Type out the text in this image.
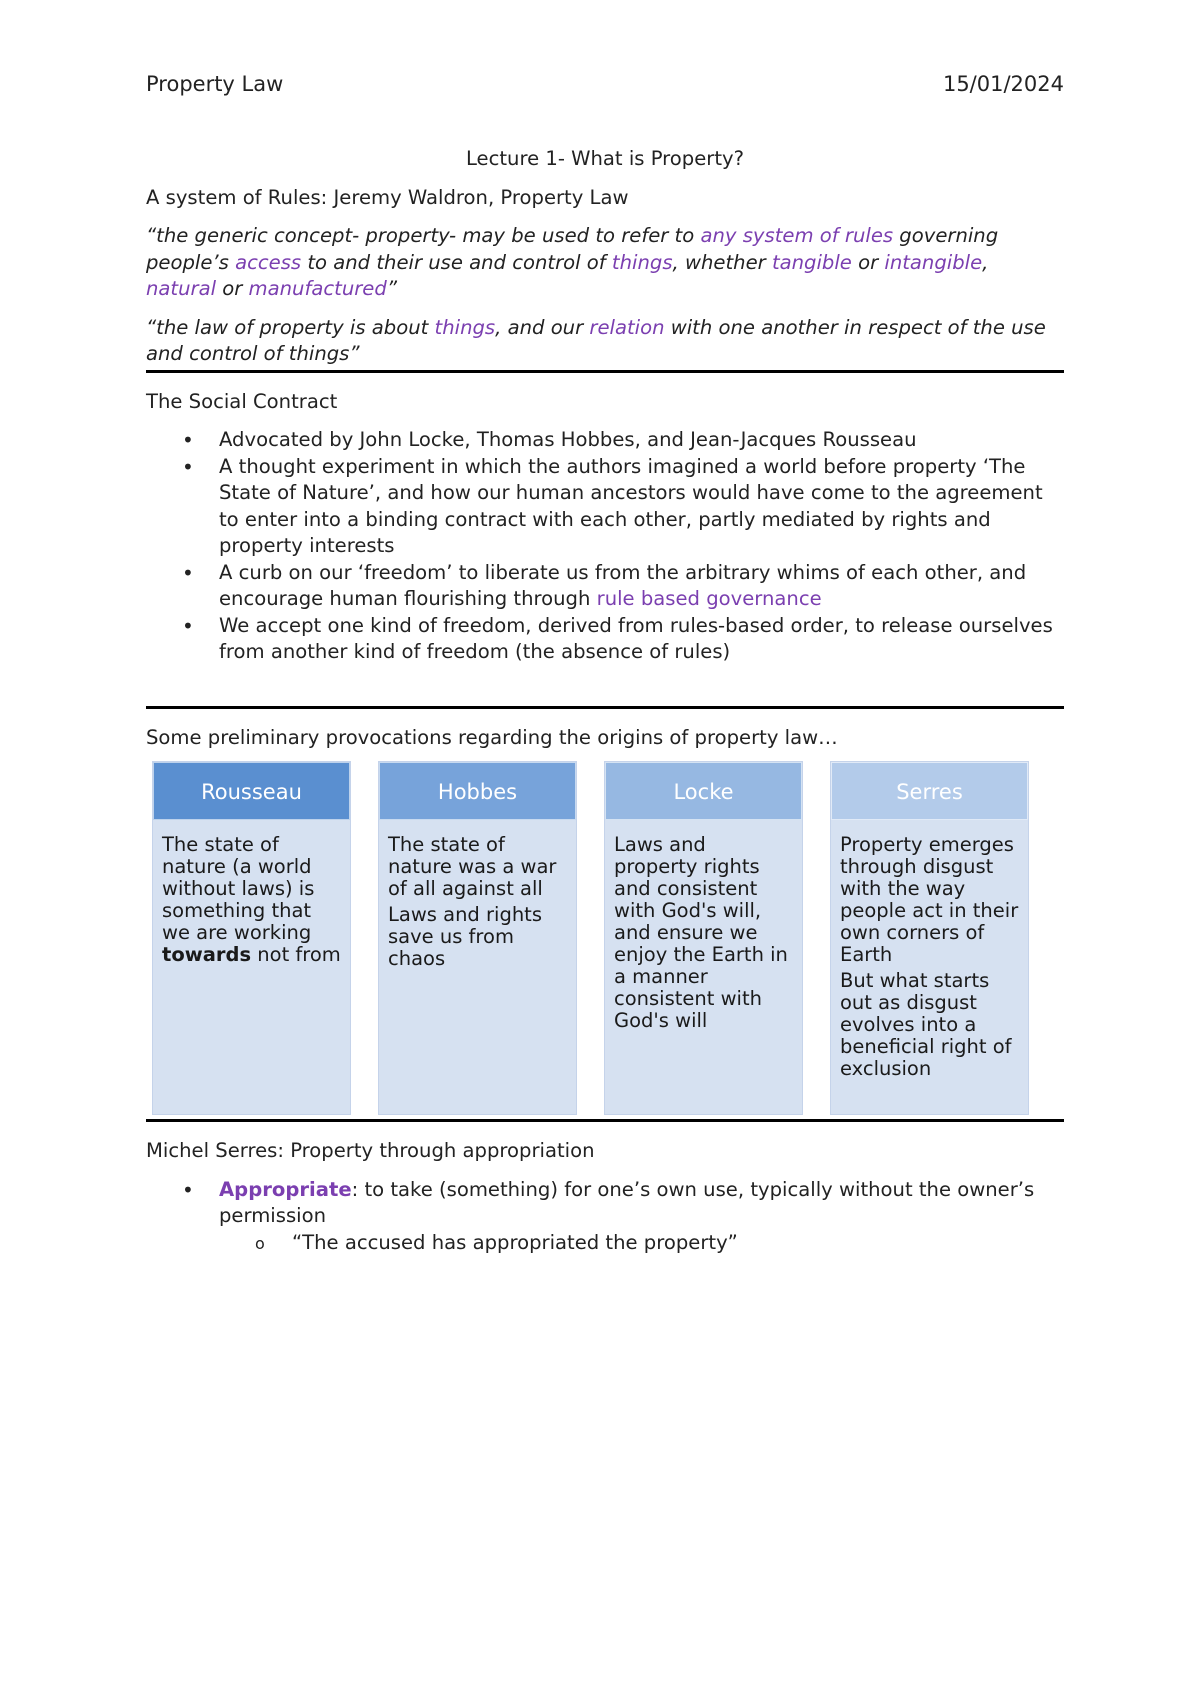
Property Law	15/01/2024

Lecture 1- What is Property?

A system of Rules: Jeremy Waldron, Property Law

“the generic concept- property- may be used to refer to any system of rules governing people’s access to and their use and control of things, whether tangible or intangible, natural or manufactured”

“the law of property is about things, and our relation with one another in respect of the use and control of things”

The Social Contract

• Advocated by John Locke, Thomas Hobbes, and Jean-Jacques Rousseau
• A thought experiment in which the authors imagined a world before property ‘The State of Nature’, and how our human ancestors would have come to the agreement to enter into a binding contract with each other, partly mediated by rights and property interests
• A curb on our ‘freedom’ to liberate us from the arbitrary whims of each other, and encourage human flourishing through rule based governance
• We accept one kind of freedom, derived from rules-based order, to release ourselves from another kind of freedom (the absence of rules)

Some preliminary provocations regarding the origins of property law…

Rousseau

The state of nature (a world without laws) is something that we are working towards not from

Hobbes

The state of nature was a war of all against all

Laws and rights save us from chaos

Locke

Laws and property rights and consistent with God's will, and ensure we enjoy the Earth in a manner consistent with God's will

Serres

Property emerges through disgust with the way people act in their own corners of Earth

But what starts out as disgust evolves into a beneficial right of exclusion

Michel Serres: Property through appropriation

• Appropriate: to take (something) for one’s own use, typically without the owner’s permission
o “The accused has appropriated the property”
